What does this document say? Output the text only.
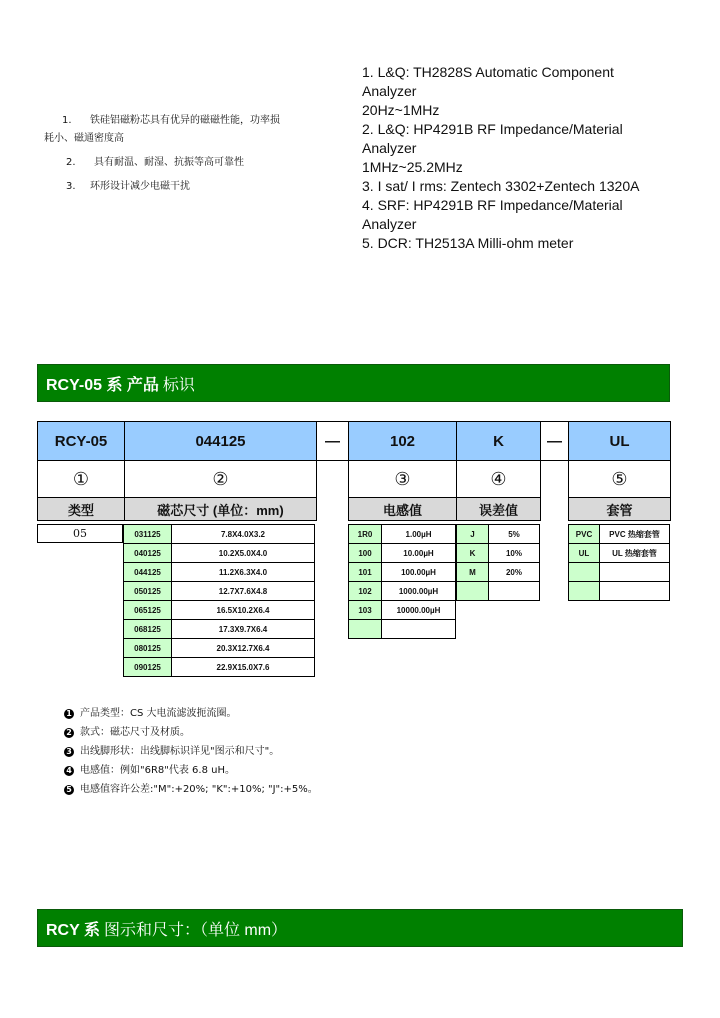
1. 铁硅铝磁粉芯具有优异的磁磁性能，功率损
耗小、磁通密度高
2. 具有耐温、耐湿、抗振等高可靠性
3. 环形设计减少电磁干扰
1. L&Q: TH2828S Automatic Component
Analyzer
20Hz~1MHz
2. L&Q: HP4291B RF Impedance/Material
Analyzer
1MHz~25.2MHz
3. I sat/ I rms: Zentech 3302+Zentech 1320A
4. SRF: HP4291B RF Impedance/Material
Analyzer
5. DCR: TH2513A Milli-ohm meter
RCY-05 系 产品 标识
RCY-05	044125	—	102	K	—	UL
①	②		③	④		⑤
类型	磁芯尺寸 (单位：mm)		电感值	误差值		套管
05	031125	7.8X4.0X3.2
040125	10.2X5.0X4.0
044125	11.2X6.3X4.0
050125	12.7X7.6X4.8
065125	16.5X10.2X6.4
068125	17.3X9.7X6.4
080125	20.3X12.7X6.4
090125	22.9X15.0X7.6
1R0	1.00µH
100	10.00µH
101	100.00µH
102	1000.00µH
103	10000.00µH

J	5%
K	10%
M	20%

PVC	PVC 热缩套管
UL	UL 热缩套管

1 产品类型：CS 大电流滤波扼流圈。
2 款式：磁芯尺寸及材质。
3 出线脚形状：出线脚标识详见"图示和尺寸"。
4 电感值：例如"6R8"代表 6.8 uH。
5 电感值容许公差:"M":+20%; "K":+10%; "J":+5%。
RCY 系 图示和尺寸：（单位 mm）
